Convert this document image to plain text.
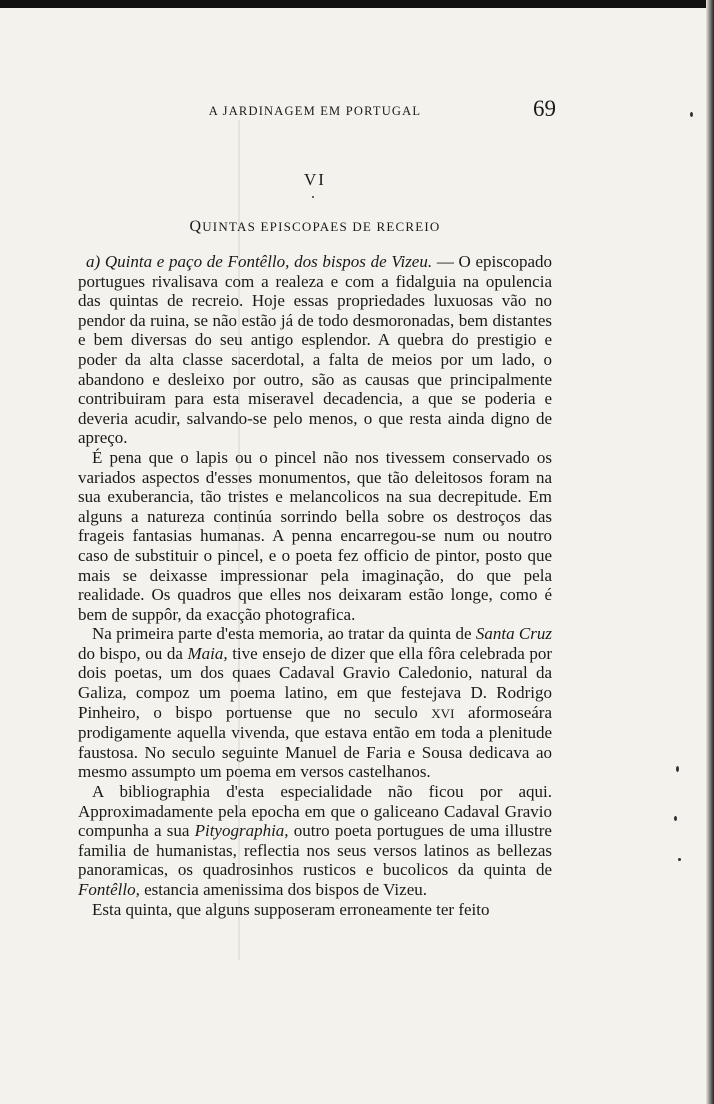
A JARDINAGEM EM PORTUGAL	69
VI
QUINTAS EPISCOPAES DE RECREIO

a) Quinta e paço de Fontêllo, dos bispos de Vizeu. — O episcopado portugues rivalisava com a realeza e com a fidalguia na opulencia das quintas de recreio. Hoje essas propriedades luxuosas vão no pendor da ruina, se não estão já de todo desmoronadas, bem distantes e bem diversas do seu antigo esplendor. A quebra do prestigio e poder da alta classe sacerdotal, a falta de meios por um lado, o abandono e desleixo por outro, são as causas que principalmente contribuiram para esta miseravel decadencia, a que se poderia e deveria acudir, salvando-se pelo menos, o que resta ainda digno de apreço.

É pena que o lapis ou o pincel não nos tivessem conservado os variados aspectos d'esses monumentos, que tão deleitosos foram na sua exuberancia, tão tristes e melancolicos na sua decrepitude. Em alguns a natureza continúa sorrindo bella sobre os destroços das frageis fantasias humanas. A penna encarregou-se num ou noutro caso de substituir o pincel, e o poeta fez officio de pintor, posto que mais se deixasse impressionar pela imaginação, do que pela realidade. Os quadros que elles nos deixaram estão longe, como é bem de suppôr, da exacção photografica.

Na primeira parte d'esta memoria, ao tratar da quinta de Santa Cruz do bispo, ou da Maia, tive ensejo de dizer que ella fôra celebrada por dois poetas, um dos quaes Cadaval Gravio Caledonio, natural da Galiza, compoz um poema latino, em que festejava D. Rodrigo Pinheiro, o bispo portuense que no seculo XVI aformoseára prodigamente aquella vivenda, que estava então em toda a plenitude faustosa. No seculo seguinte Manuel de Faria e Sousa dedicava ao mesmo assumpto um poema em versos castelhanos.

A bibliographia d'esta especialidade não ficou por aqui. Approximadamente pela epocha em que o galiceano Cadaval Gravio compunha a sua Pityographia, outro poeta portugues de uma illustre familia de humanistas, reflectia nos seus versos latinos as bellezas panoramicas, os quadrosinhos rusticos e bucolicos da quinta de Fontêllo, estancia amenissima dos bispos de Vizeu.

Esta quinta, que alguns supposeram erroneamente ter feito
